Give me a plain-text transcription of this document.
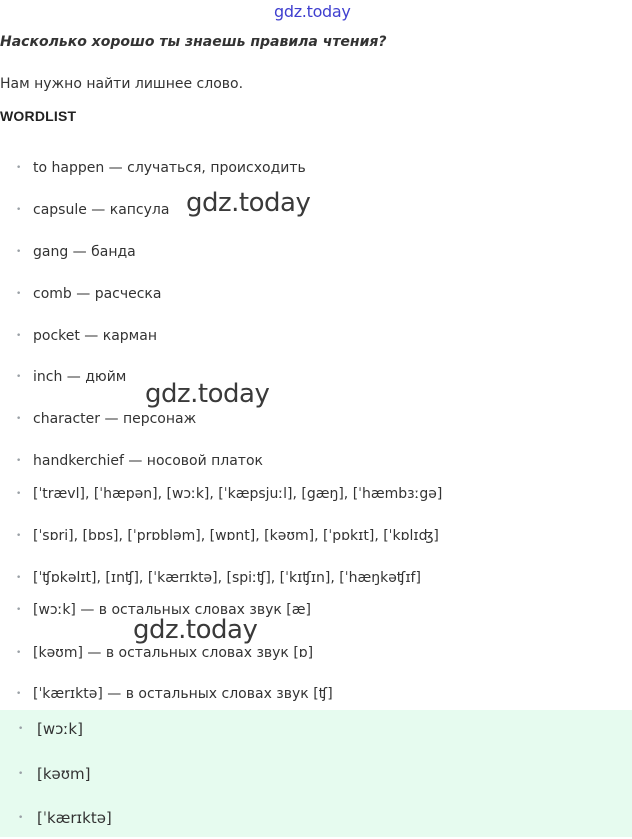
gdz.today
Насколько хорошо ты знаешь правила чтения?
Нам нужно найти лишнее слово.
WORDLIST
• to happen — случаться, происходить
• capsule — капсула
• gang — банда
• comb — расческа
• pocket — карман
• inch — дюйм
• character — персонаж
• handkerchief — носовой платок
• [ˈtrævl], [ˈhæpən], [wɔːk], [ˈkæpsjuːl], [gæŋ], [ˈhæmbɜːgə]
• [ˈsɒri], [bɒs], [ˈprɒbləm], [wɒnt], [kəʊm], [ˈpɒkɪt], [ˈkɒlɪʤ]
• [ˈʧɒkəlɪt], [ɪnʧ], [ˈkærɪktə], [spiːʧ], [ˈkɪʧɪn], [ˈhæŋkəʧɪf]
• [wɔːk] — в остальных словах звук [æ]
• [kəʊm] — в остальных словах звук [ɒ]
• [ˈkærɪktə] — в остальных словах звук [ʧ]
• [wɔːk]
• [kəʊm]
• [ˈkærɪktə]
gdz.today
gdz.today
gdz.today
